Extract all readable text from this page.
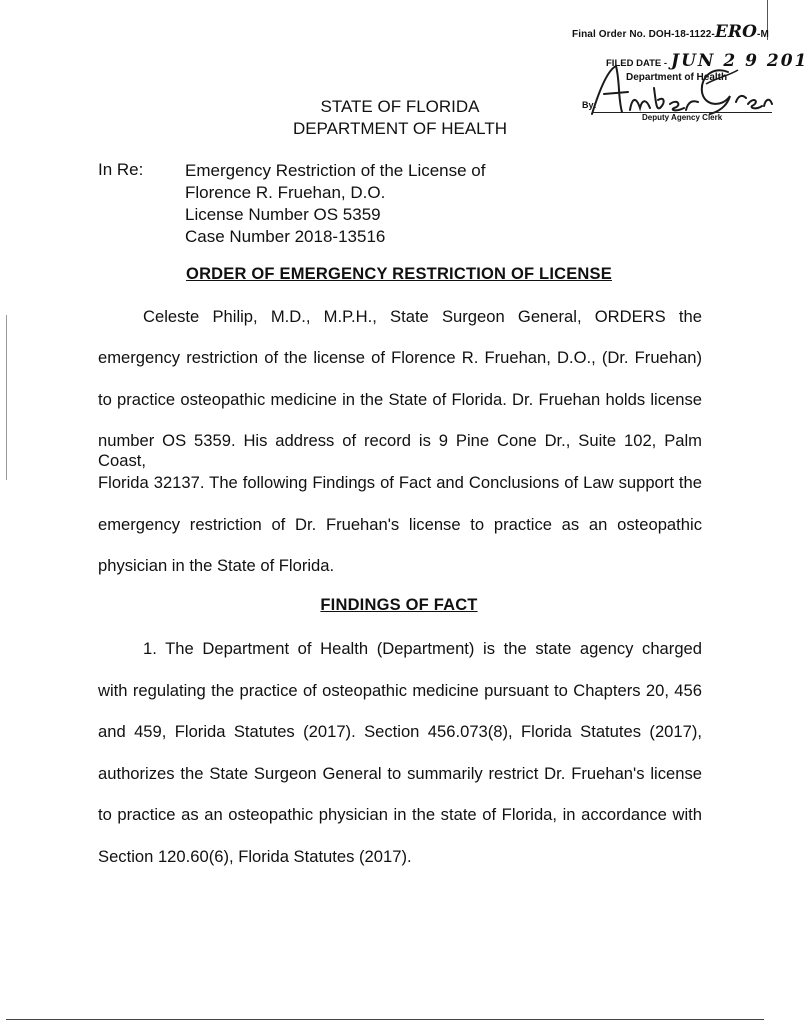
Final Order No. DOH-18-1122-ERO-M
FILED DATE - JUN 2 9 201
Department of Health
By:
Deputy Agency Clerk
STATE OF FLORIDA
DEPARTMENT OF HEALTH
In Re: Emergency Restriction of the License of
Florence R. Fruehan, D.O.
License Number OS 5359
Case Number 2018-13516
ORDER OF EMERGENCY RESTRICTION OF LICENSE
Celeste Philip, M.D., M.P.H., State Surgeon General, ORDERS the
emergency restriction of the license of Florence R. Fruehan, D.O., (Dr. Fruehan)
to practice osteopathic medicine in the State of Florida. Dr. Fruehan holds license
number OS 5359. His address of record is 9 Pine Cone Dr., Suite 102, Palm Coast,
Florida 32137. The following Findings of Fact and Conclusions of Law support the
emergency restriction of Dr. Fruehan's license to practice as an osteopathic
physician in the State of Florida.
FINDINGS OF FACT
1. The Department of Health (Department) is the state agency charged
with regulating the practice of osteopathic medicine pursuant to Chapters 20, 456
and 459, Florida Statutes (2017). Section 456.073(8), Florida Statutes (2017),
authorizes the State Surgeon General to summarily restrict Dr. Fruehan's license
to practice as an osteopathic physician in the state of Florida, in accordance with
Section 120.60(6), Florida Statutes (2017).
